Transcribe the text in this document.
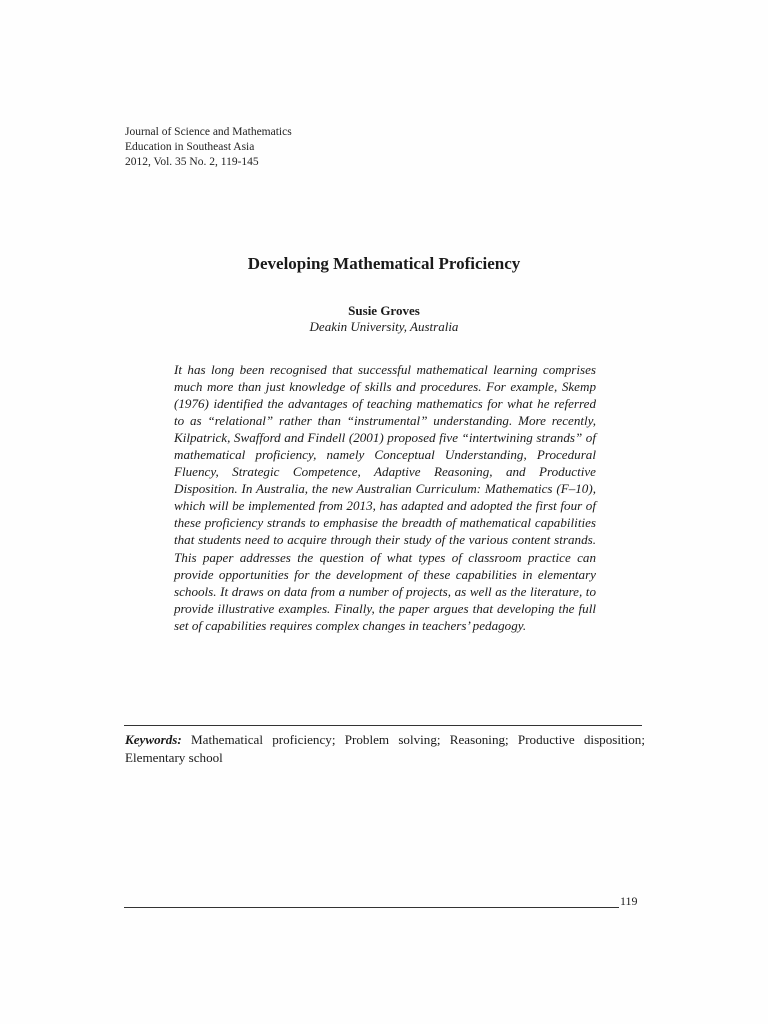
Journal of Science and Mathematics
Education in Southeast Asia
2012, Vol. 35 No. 2, 119-145
Developing Mathematical Proficiency
Susie Groves
Deakin University, Australia

It has long been recognised that successful mathematical learning comprises much more than just knowledge of skills and procedures. For example, Skemp (1976) identified the advantages of teaching mathematics for what he referred to as “relational” rather than “instrumental” understanding. More recently, Kilpatrick, Swafford and Findell (2001) proposed five “intertwining strands” of mathematical proficiency, namely Conceptual Understanding, Procedural Fluency, Strategic Competence, Adaptive Reasoning, and Productive Disposition. In Australia, the new Australian Curriculum: Mathematics (F–10), which will be implemented from 2013, has adapted and adopted the first four of these proficiency strands to emphasise the breadth of mathematical capabilities that students need to acquire through their study of the various content strands. This paper addresses the question of what types of classroom practice can provide opportunities for the development of these capabilities in elementary schools. It draws on data from a number of projects, as well as the literature, to provide illustrative examples. Finally, the paper argues that developing the full set of capabilities requires complex changes in teachers’ pedagogy.

Keywords: Mathematical proficiency; Problem solving; Reasoning; Productive disposition; Elementary school
119
